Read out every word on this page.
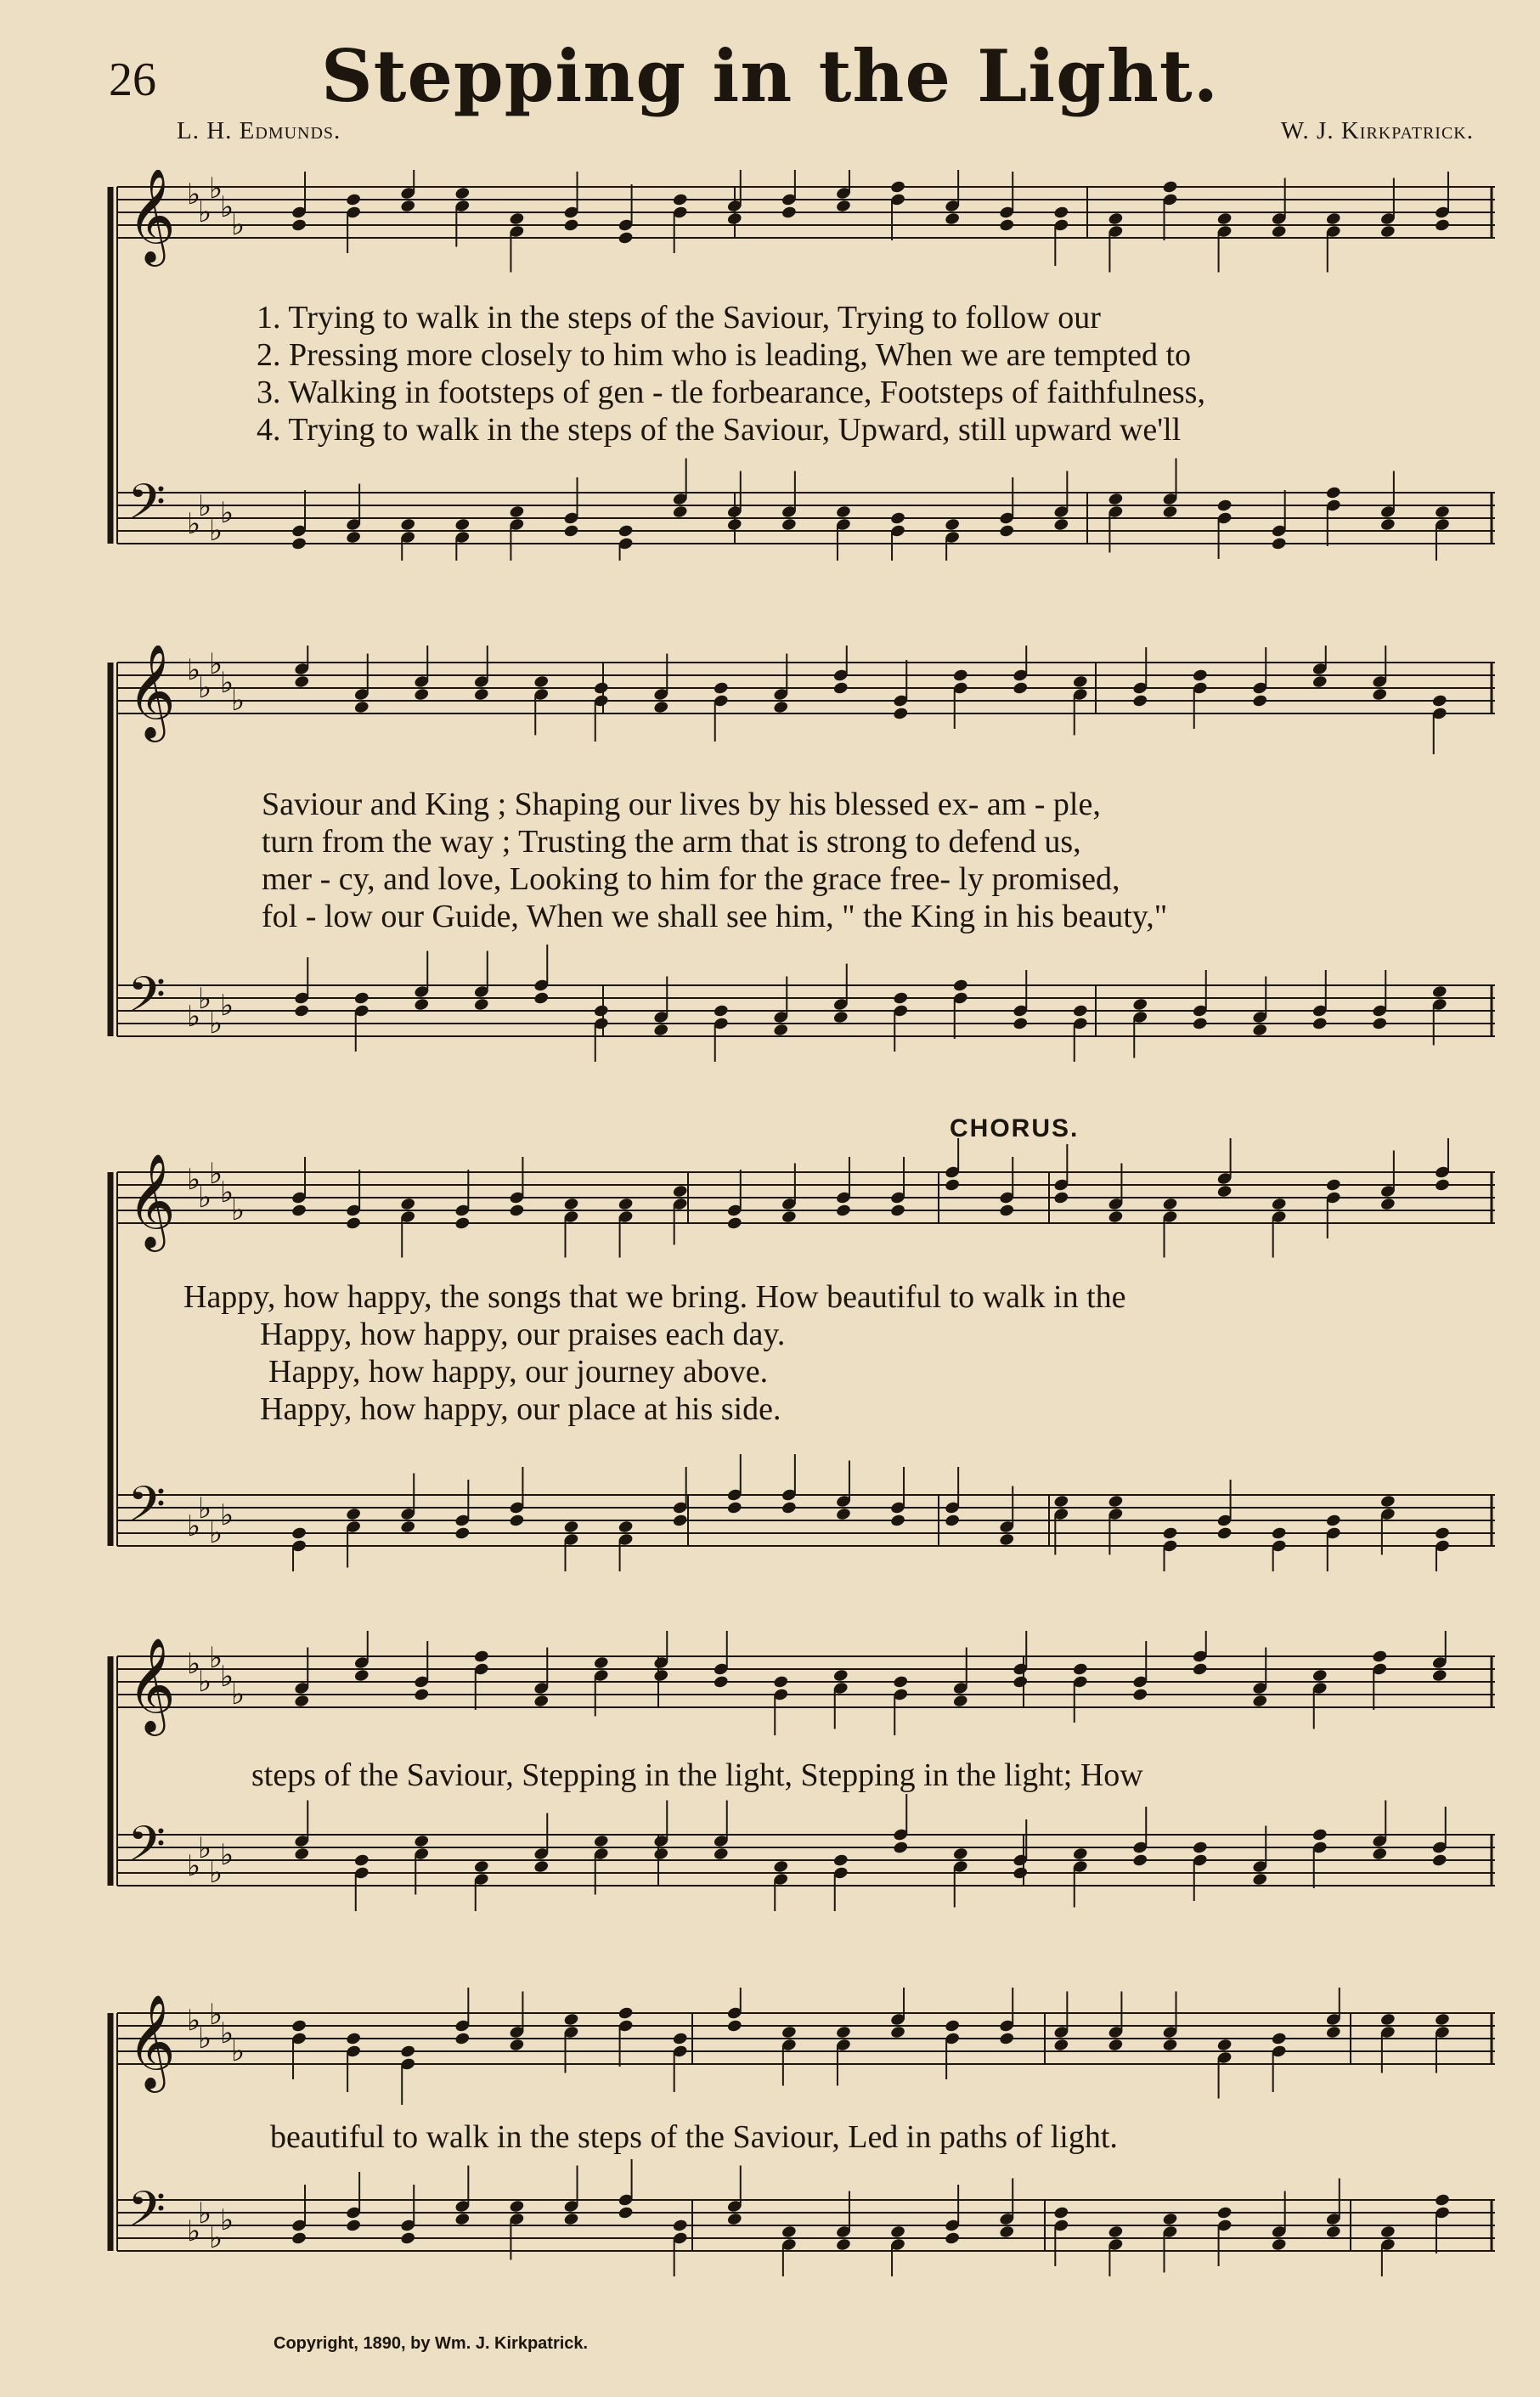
26	Stepping in the Light.
L. H. Edmunds.	W. J. Kirkpatrick.
𝄞 ♭
♭
♭
♭
♭
𝄢 ♭
♭
♭
♭
𝄞 ♭
♭
♭
♭
♭
𝄢 ♭
♭
♭
♭
𝄞 ♭
♭
♭
♭
♭
𝄢 ♭
♭
♭
♭
𝄞 ♭
♭
♭
♭
♭
𝄢 ♭
♭
♭
♭
𝄞 ♭
♭
♭
♭
♭
𝄢 ♭
♭
♭
♭
CHORUS.
1. Trying to walk in the steps of the Saviour, Trying to follow our
2. Pressing more closely to him who is leading, When we are tempted to
3. Walking in footsteps of gen - tle forbearance, Footsteps of faithfulness,
4. Trying to walk in the steps of the Saviour, Upward, still upward we'll
Saviour and King ; Shaping our lives by his blessed ex- am - ple,
turn from the way ; Trusting the arm that is strong to defend us,
mer - cy, and love, Looking to him for the grace free- ly promised,
fol - low our Guide, When we shall see him, " the King in his beauty,"
Happy, how happy, the songs that we bring. How beautiful to walk in the
Happy, how happy, our praises each day.
Happy, how happy, our journey above.
Happy, how happy, our place at his side.
steps of the Saviour, Stepping in the light, Stepping in the light; How
beautiful to walk in the steps of the Saviour, Led in paths of light.
Copyright, 1890, by Wm. J. Kirkpatrick.
